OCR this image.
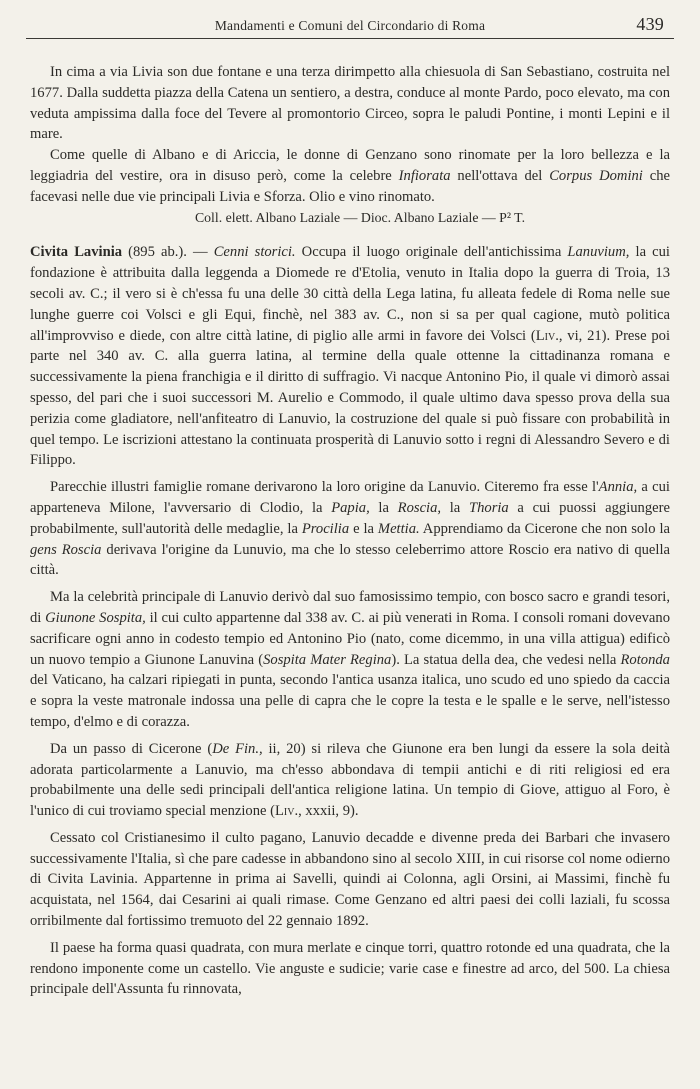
Mandamenti e Comuni del Circondario di Roma	439

In cima a via Livia son due fontane e una terza dirimpetto alla chiesuola di San Sebastiano, costruita nel 1677. Dalla suddetta piazza della Catena un sentiero, a destra, conduce al monte Pardo, poco elevato, ma con veduta ampissima dalla foce del Tevere al promontorio Circeo, sopra le paludi Pontine, i monti Lepini e il mare.

Come quelle di Albano e di Ariccia, le donne di Genzano sono rinomate per la loro bellezza e la leggiadria del vestire, ora in disuso però, come la celebre Infiorata nell'ottava del Corpus Domini che facevasi nelle due vie principali Livia e Sforza. Olio e vino rinomato.

Coll. elett. Albano Laziale — Dioc. Albano Laziale — P² T.

Civita Lavinia (895 ab.). — Cenni storici. Occupa il luogo originale dell'antichissima Lanuvium, la cui fondazione è attribuita dalla leggenda a Diomede re d'Etolia, venuto in Italia dopo la guerra di Troia, 13 secoli av. C.; il vero si è ch'essa fu una delle 30 città della Lega latina, fu alleata fedele di Roma nelle sue lunghe guerre coi Volsci e gli Equi, finchè, nel 383 av. C., non si sa per qual cagione, mutò politica all'improvviso e diede, con altre città latine, di piglio alle armi in favore dei Volsci (Liv., vi, 21). Prese poi parte nel 340 av. C. alla guerra latina, al termine della quale ottenne la cittadinanza romana e successivamente la piena franchigia e il diritto di suffragio. Vi nacque Antonino Pio, il quale vi dimorò assai spesso, del pari che i suoi successori M. Aurelio e Commodo, il quale ultimo dava spesso prova della sua perizia come gladiatore, nell'anfiteatro di Lanuvio, la costruzione del quale si può fissare con probabilità in quel tempo. Le iscrizioni attestano la continuata prosperità di Lanuvio sotto i regni di Alessandro Severo e di Filippo.

Parecchie illustri famiglie romane derivarono la loro origine da Lanuvio. Citeremo fra esse l'Annia, a cui apparteneva Milone, l'avversario di Clodio, la Papia, la Roscia, la Thoria a cui puossi aggiungere probabilmente, sull'autorità delle medaglie, la Procilia e la Mettia. Apprendiamo da Cicerone che non solo la gens Roscia derivava l'origine da Lunuvio, ma che lo stesso celeberrimo attore Roscio era nativo di quella città.

Ma la celebrità principale di Lanuvio derivò dal suo famosissimo tempio, con bosco sacro e grandi tesori, di Giunone Sospita, il cui culto appartenne dal 338 av. C. ai più venerati in Roma. I consoli romani dovevano sacrificare ogni anno in codesto tempio ed Antonino Pio (nato, come dicemmo, in una villa attigua) edificò un nuovo tempio a Giunone Lanuvina (Sospita Mater Regina). La statua della dea, che vedesi nella Rotonda del Vaticano, ha calzari ripiegati in punta, secondo l'antica usanza italica, uno scudo ed uno spiedo da caccia e sopra la veste matronale indossa una pelle di capra che le copre la testa e le spalle e le serve, nell'istesso tempo, d'elmo e di corazza.

Da un passo di Cicerone (De Fin., ii, 20) si rileva che Giunone era ben lungi da essere la sola deità adorata particolarmente a Lanuvio, ma ch'esso abbondava di tempii antichi e di riti religiosi ed era probabilmente una delle sedi principali dell'antica religione latina. Un tempio di Giove, attiguo al Foro, è l'unico di cui troviamo special menzione (Liv., xxxii, 9).

Cessato col Cristianesimo il culto pagano, Lanuvio decadde e divenne preda dei Barbari che invasero successivamente l'Italia, sì che pare cadesse in abbandono sino al secolo XIII, in cui risorse col nome odierno di Civita Lavinia. Appartenne in prima ai Savelli, quindi ai Colonna, agli Orsini, ai Massimi, finchè fu acquistata, nel 1564, dai Cesarini ai quali rimase. Come Genzano ed altri paesi dei colli laziali, fu scossa orribilmente dal fortissimo tremuoto del 22 gennaio 1892.

Il paese ha forma quasi quadrata, con mura merlate e cinque torri, quattro rotonde ed una quadrata, che la rendono imponente come un castello. Vie anguste e sudicie; varie case e finestre ad arco, del 500. La chiesa principale dell'Assunta fu rinnovata,
